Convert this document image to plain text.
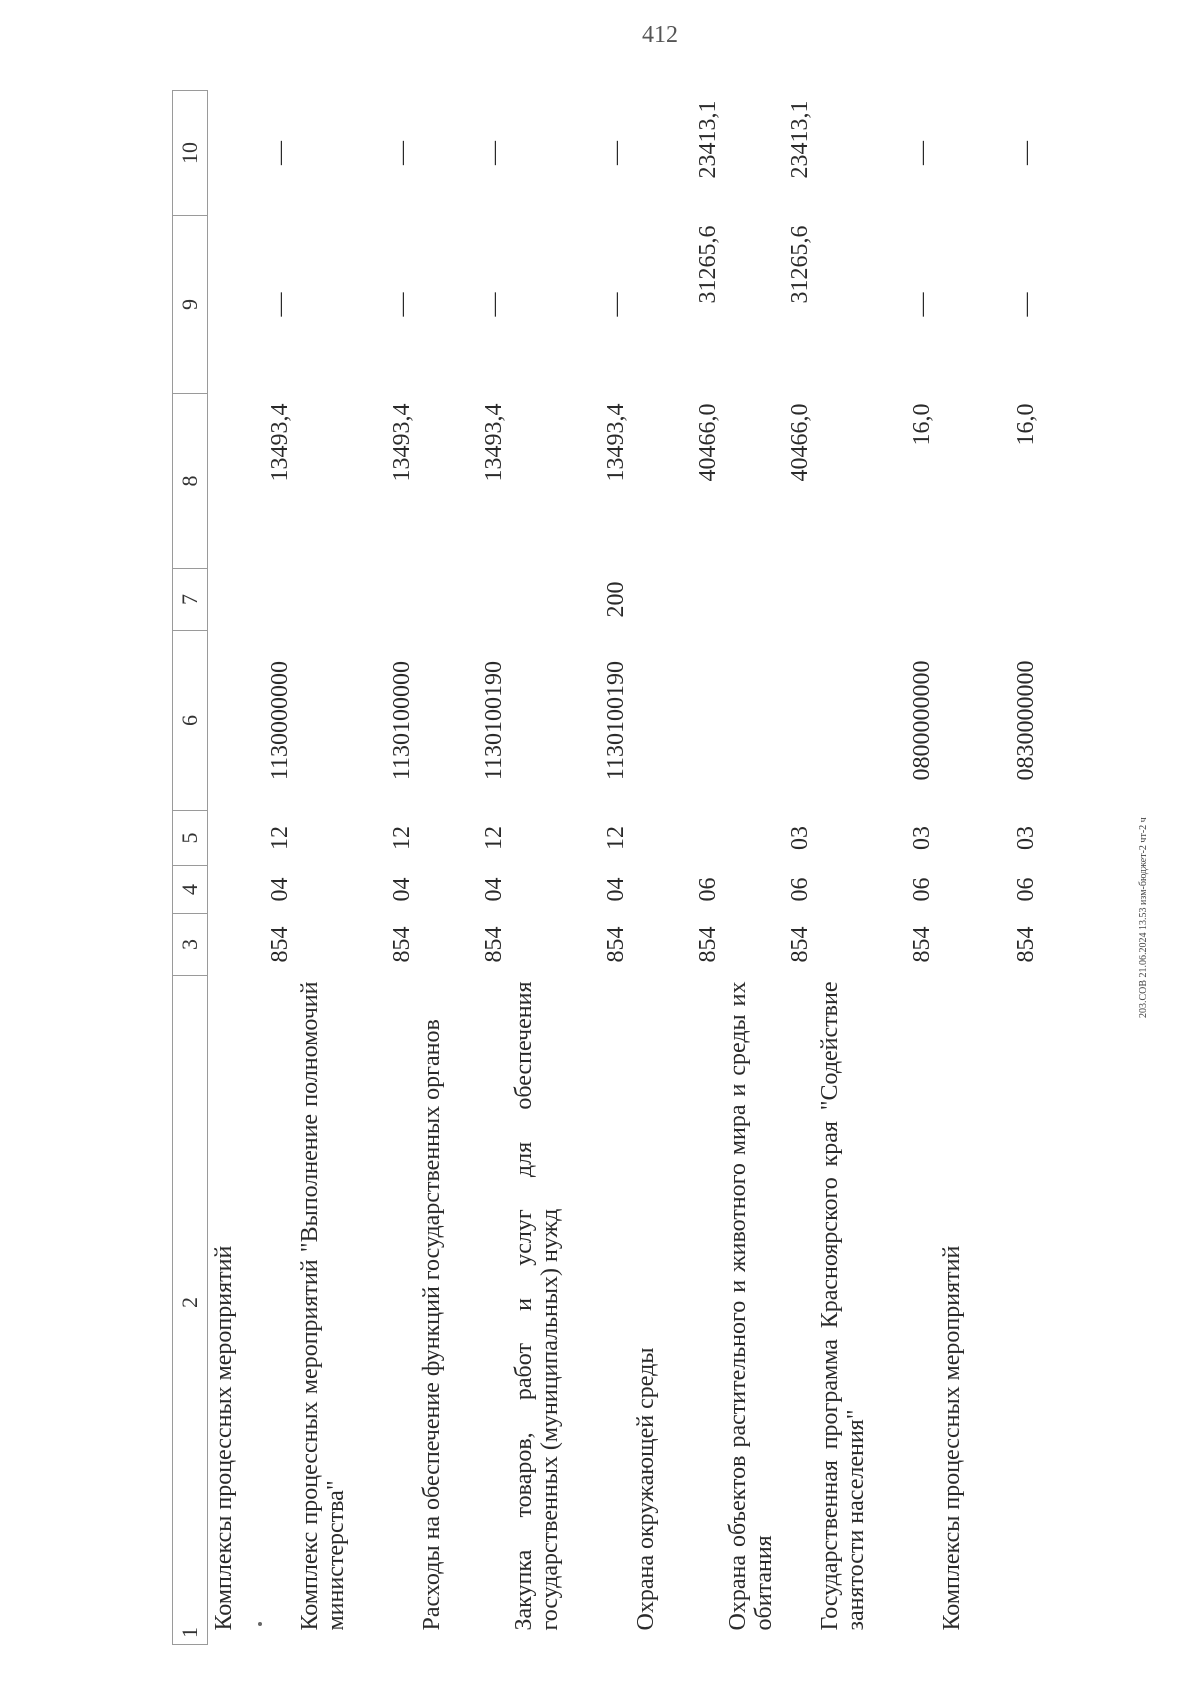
412
1 2	3	4	5	6	7	8	9	10
Комплексы процессных мероприятий	854	04	12	1130000000		13493,4	—	—
Комплекс процессных мероприятий "Выполнение полномочий министерства"	854	04	12	1130100000		13493,4	—	—
Расходы на обеспечение функций государственных органов	854	04	12	1130100190		13493,4	—	—
Закупка товаров, работ и услуг для обеспечения государственных (муниципальных) нужд	854	04	12	1130100190	200	13493,4	—	—
Охрана окружающей среды	854	06				40466,0	31265,6	23413,1
Охрана объектов растительного и животного мира и среды их обитания	854	06	03			40466,0	31265,6	23413,1
Государственная программа Красноярского края "Содействие занятости населения"	854	06	03	0800000000		16,0	—	—
Комплексы процессных мероприятий	854	06	03	0830000000		16,0	—	—
203.СОВ 21.06.2024 13.53 изм-бюджет-2 чт-2 ч
